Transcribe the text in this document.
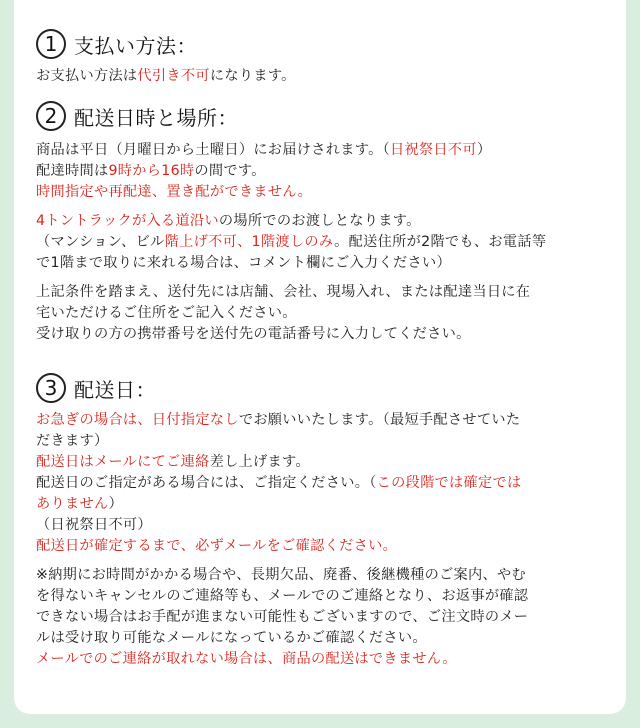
1 支払い方法：

お支払い方法は代引き不可になります。

2 配送日時と場所：

商品は平日（月曜日から土曜日）にお届けされます。（日祝祭日不可）

配達時間は9時から16時の間です。

時間指定や再配達、置き配ができません。

4トントラックが入る道沿いの場所でのお渡しとなります。

（マンション、ビル階上げ不可、1階渡しのみ。配送住所が2階でも、お電話等

で1階まで取りに来れる場合は、コメント欄にご入力ください）

上記条件を踏まえ、送付先には店舗、会社、現場入れ、または配達当日に在

宅いただけるご住所をご記入ください。

受け取りの方の携帯番号を送付先の電話番号に入力してください。

3 配送日：

お急ぎの場合は、日付指定なしでお願いいたします。（最短手配させていた

だきます）

配送日はメールにてご連絡差し上げます。

配送日のご指定がある場合には、ご指定ください。（この段階では確定では

ありません）

（日祝祭日不可）

配送日が確定するまで、必ずメールをご確認ください。

※納期にお時間がかかる場合や、長期欠品、廃番、後継機種のご案内、やむ

を得ないキャンセルのご連絡等も、メールでのご連絡となり、お返事が確認

できない場合はお手配が進まない可能性もございますので、ご注文時のメー

ルは受け取り可能なメールになっているかご確認ください。

メールでのご連絡が取れない場合は、商品の配送はできません。
